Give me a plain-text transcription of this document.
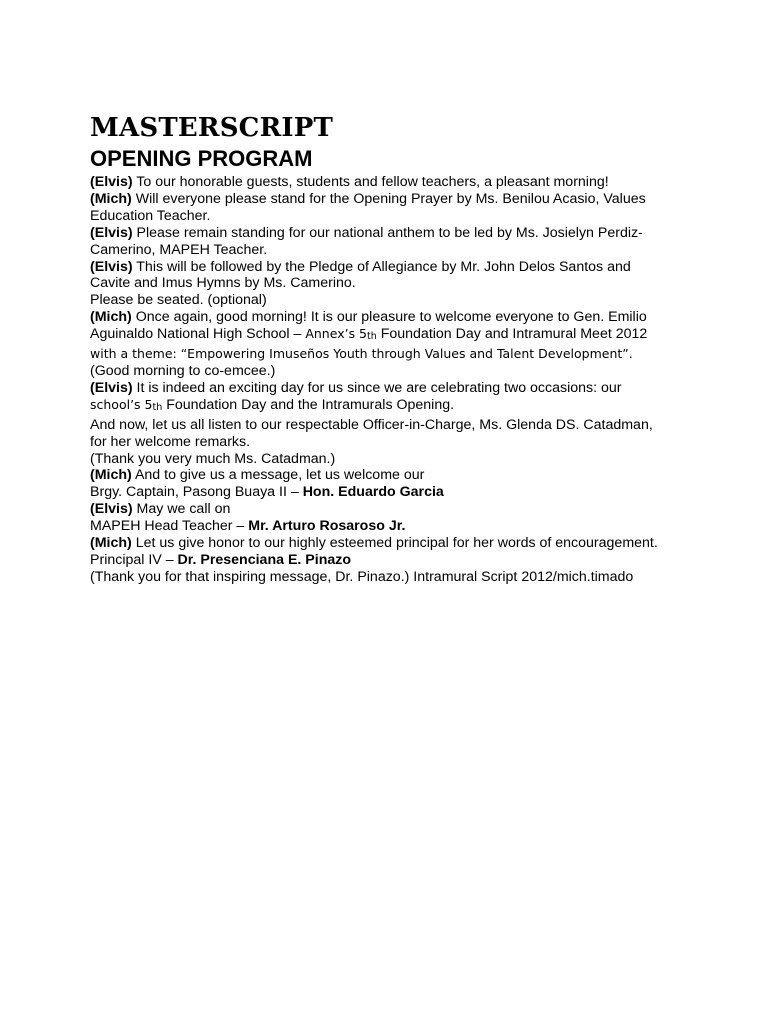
MASTERSCRIPT
OPENING PROGRAM
(Elvis) To our honorable guests, students and fellow teachers, a pleasant morning!
(Mich) Will everyone please stand for the Opening Prayer by Ms. Benilou Acasio, Values
Education Teacher.
(Elvis) Please remain standing for our national anthem to be led by Ms. Josielyn Perdiz-
Camerino, MAPEH Teacher.
(Elvis) This will be followed by the Pledge of Allegiance by Mr. John Delos Santos and
Cavite and Imus Hymns by Ms. Camerino.
Please be seated. (optional)
(Mich) Once again, good morning! It is our pleasure to welcome everyone to Gen. Emilio
Aguinaldo National High School – Annex’s 5th Foundation Day and Intramural Meet 2012
with a theme: “Empowering Imuseños Youth through Values and Talent Development”.
(Good morning to co-emcee.)
(Elvis) It is indeed an exciting day for us since we are celebrating two occasions: our
school’s 5th Foundation Day and the Intramurals Opening.
And now, let us all listen to our respectable Officer-in-Charge, Ms. Glenda DS. Catadman,
for her welcome remarks.
(Thank you very much Ms. Catadman.)
(Mich) And to give us a message, let us welcome our
Brgy. Captain, Pasong Buaya II – Hon. Eduardo Garcia
(Elvis) May we call on
MAPEH Head Teacher – Mr. Arturo Rosaroso Jr.
(Mich) Let us give honor to our highly esteemed principal for her words of encouragement.
Principal IV – Dr. Presenciana E. Pinazo
(Thank you for that inspiring message, Dr. Pinazo.) Intramural Script 2012/mich.timado
